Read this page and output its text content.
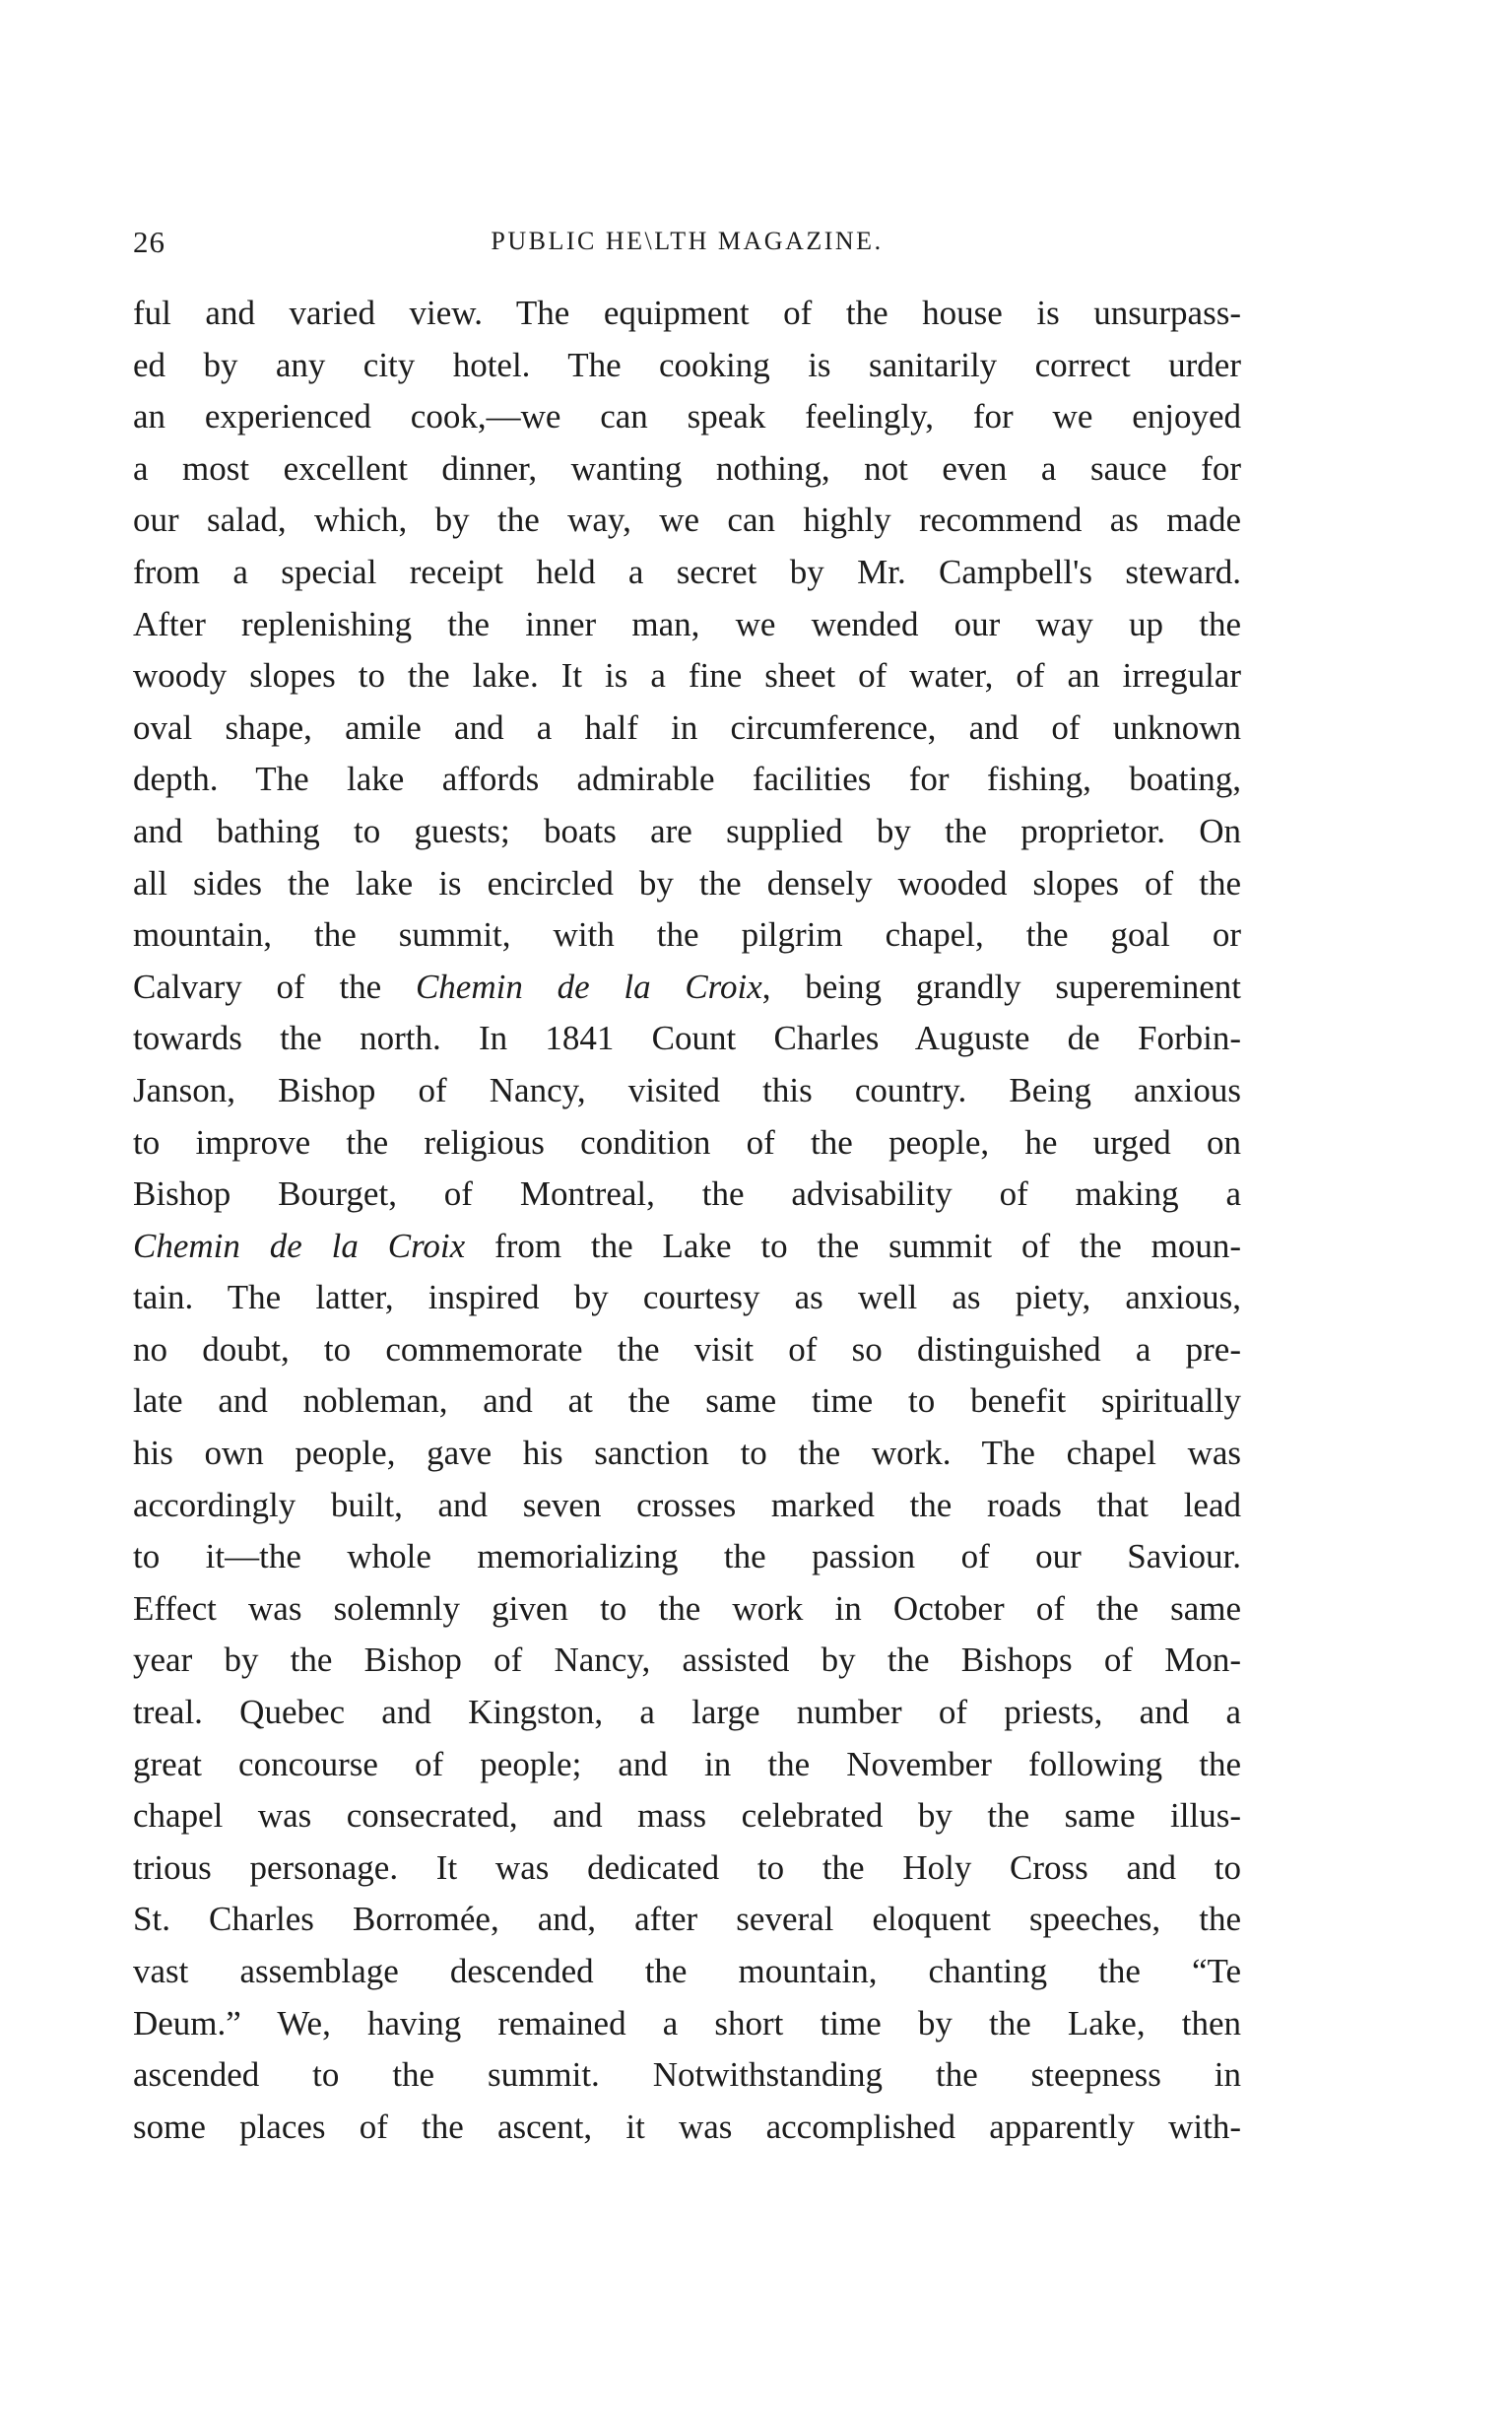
26	PUBLIC HE\LTH MAGAZINE.
ful and varied view. The equipment of the house is unsurpass-
ed by any city hotel. The cooking is sanitarily correct urder
an experienced cook,—we can speak feelingly, for we enjoyed
a most excellent dinner, wanting nothing, not even a sauce for
our salad, which, by the way, we can highly recommend as made
from a special receipt held a secret by Mr. Campbell's steward.
After replenishing the inner man, we wended our way up the
woody slopes to the lake. It is a fine sheet of water, of an irregular
oval shape, amile and a half in circumference, and of unknown
depth. The lake affords admirable facilities for fishing, boating,
and bathing to guests; boats are supplied by the proprietor. On
all sides the lake is encircled by the densely wooded slopes of the
mountain, the summit, with the pilgrim chapel, the goal or
Calvary of the Chemin de la Croix, being grandly supereminent
towards the north. In 1841 Count Charles Auguste de Forbin-
Janson, Bishop of Nancy, visited this country. Being anxious
to improve the religious condition of the people, he urged on
Bishop Bourget, of Montreal, the advisability of making a
Chemin de la Croix from the Lake to the summit of the moun-
tain. The latter, inspired by courtesy as well as piety, anxious,
no doubt, to commemorate the visit of so distinguished a pre-
late and nobleman, and at the same time to benefit spiritually
his own people, gave his sanction to the work. The chapel was
accordingly built, and seven crosses marked the roads that lead
to it—the whole memorializing the passion of our Saviour.
Effect was solemnly given to the work in October of the same
year by the Bishop of Nancy, assisted by the Bishops of Mon-
treal. Quebec and Kingston, a large number of priests, and a
great concourse of people; and in the November following the
chapel was consecrated, and mass celebrated by the same illus-
trious personage. It was dedicated to the Holy Cross and to
St. Charles Borromée, and, after several eloquent speeches, the
vast assemblage descended the mountain, chanting the “Te
Deum.” We, having remained a short time by the Lake, then
ascended to the summit. Notwithstanding the steepness in
some places of the ascent, it was accomplished apparently with-
